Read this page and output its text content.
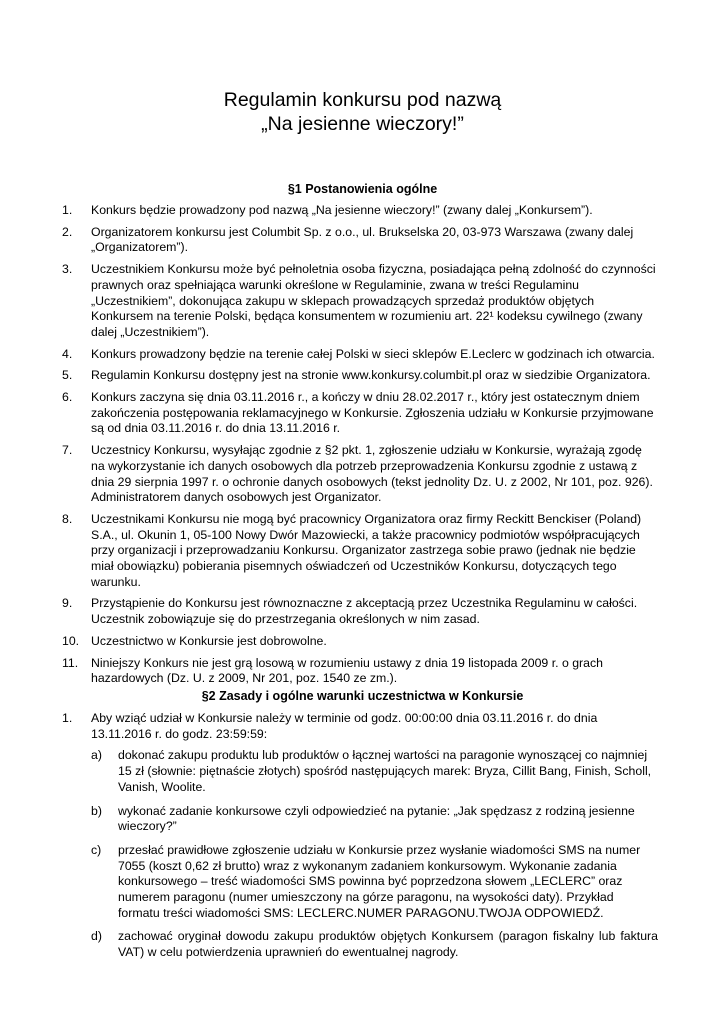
Regulamin konkursu pod nazwą
„Na jesienne wieczory!”
§1 Postanowienia ogólne
1. Konkurs będzie prowadzony pod nazwą „Na jesienne wieczory!” (zwany dalej „Konkursem”).
2. Organizatorem konkursu jest Columbit Sp. z o.o., ul. Brukselska 20, 03-973 Warszawa (zwany dalej „Organizatorem”).
3. Uczestnikiem Konkursu może być pełnoletnia osoba fizyczna, posiadająca pełną zdolność do czynności prawnych oraz spełniająca warunki określone w Regulaminie, zwana w treści Regulaminu „Uczestnikiem”, dokonująca zakupu w sklepach prowadzących sprzedaż produktów objętych Konkursem na terenie Polski, będąca konsumentem w rozumieniu art. 22¹ kodeksu cywilnego (zwany dalej „Uczestnikiem”).
4. Konkurs prowadzony będzie na terenie całej Polski w sieci sklepów E.Leclerc w godzinach ich otwarcia.
5. Regulamin Konkursu dostępny jest na stronie www.konkursy.columbit.pl oraz w siedzibie Organizatora.
6. Konkurs zaczyna się dnia 03.11.2016 r., a kończy w dniu 28.02.2017 r., który jest ostatecznym dniem zakończenia postępowania reklamacyjnego w Konkursie. Zgłoszenia udziału w Konkursie przyjmowane są od dnia 03.11.2016 r. do dnia 13.11.2016 r.
7. Uczestnicy Konkursu, wysyłając zgodnie z §2 pkt. 1, zgłoszenie udziału w Konkursie, wyrażają zgodę na wykorzystanie ich danych osobowych dla potrzeb przeprowadzenia Konkursu zgodnie z ustawą z dnia 29 sierpnia 1997 r. o ochronie danych osobowych (tekst jednolity Dz. U. z 2002, Nr 101, poz. 926). Administratorem danych osobowych jest Organizator.
8. Uczestnikami Konkursu nie mogą być pracownicy Organizatora oraz firmy Reckitt Benckiser (Poland) S.A., ul. Okunin 1, 05-100 Nowy Dwór Mazowiecki, a także pracownicy podmiotów współpracujących przy organizacji i przeprowadzaniu Konkursu. Organizator zastrzega sobie prawo (jednak nie będzie miał obowiązku) pobierania pisemnych oświadczeń od Uczestników Konkursu, dotyczących tego warunku.
9. Przystąpienie do Konkursu jest równoznaczne z akceptacją przez Uczestnika Regulaminu w całości. Uczestnik zobowiązuje się do przestrzegania określonych w nim zasad.
10. Uczestnictwo w Konkursie jest dobrowolne.
11. Niniejszy Konkurs nie jest grą losową w rozumieniu ustawy z dnia 19 listopada 2009 r. o grach hazardowych (Dz. U. z 2009, Nr 201, poz. 1540 ze zm.).
§2 Zasady i ogólne warunki uczestnictwa w Konkursie
1. Aby wziąć udział w Konkursie należy w terminie od godz. 00:00:00 dnia 03.11.2016 r. do dnia 13.11.2016 r. do godz. 23:59:59:
a) dokonać zakupu produktu lub produktów o łącznej wartości na paragonie wynoszącej co najmniej 15 zł (słownie: piętnaście złotych) spośród następujących marek: Bryza, Cillit Bang, Finish, Scholl, Vanish, Woolite.
b) wykonać zadanie konkursowe czyli odpowiedzieć na pytanie: „Jak spędzasz z rodziną jesienne wieczory?”
c) przesłać prawidłowe zgłoszenie udziału w Konkursie przez wysłanie wiadomości SMS na numer 7055 (koszt 0,62 zł brutto) wraz z wykonanym zadaniem konkursowym. Wykonanie zadania konkursowego – treść wiadomości SMS powinna być poprzedzona słowem „LECLERC” oraz numerem paragonu (numer umieszczony na górze paragonu, na wysokości daty). Przykład formatu treści wiadomości SMS: LECLERC.NUMER PARAGONU.TWOJA ODPOWIEDŹ.
d) zachować oryginał dowodu zakupu produktów objętych Konkursem (paragon fiskalny lub faktura VAT) w celu potwierdzenia uprawnień do ewentualnej nagrody.
